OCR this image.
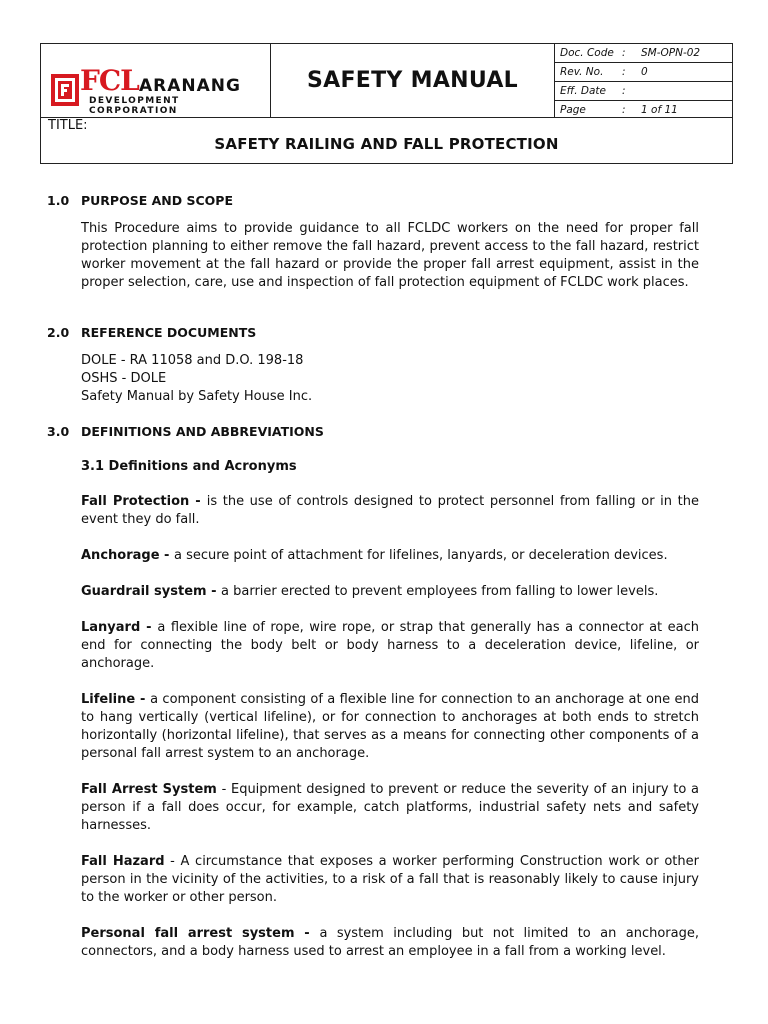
FCL ARANANG
DEVELOPMENT CORPORATION
SAFETY MANUAL
Doc. Code : SM-OPN-02
Rev. No. : 0
Eff. Date :
Page	: 1 of 11
TITLE:
SAFETY RAILING AND FALL PROTECTION
1.0 PURPOSE AND SCOPE
This Procedure aims to provide guidance to all FCLDC workers on the need for proper fall protection planning to either remove the fall hazard, prevent access to the fall hazard, restrict worker movement at the fall hazard or provide the proper fall arrest equipment, assist in the proper selection, care, use and inspection of fall protection equipment of FCLDC work places.
2.0 REFERENCE DOCUMENTS
DOLE - RA 11058 and D.O. 198-18
OSHS - DOLE
Safety Manual by Safety House Inc.
3.0 DEFINITIONS AND ABBREVIATIONS
3.1 Definitions and Acronyms
Fall Protection - is the use of controls designed to protect personnel from falling or in the event they do fall.
Anchorage - a secure point of attachment for lifelines, lanyards, or deceleration devices.
Guardrail system - a barrier erected to prevent employees from falling to lower levels.
Lanyard - a flexible line of rope, wire rope, or strap that generally has a connector at each end for connecting the body belt or body harness to a deceleration device, lifeline, or anchorage.
Lifeline - a component consisting of a flexible line for connection to an anchorage at one end to hang vertically (vertical lifeline), or for connection to anchorages at both ends to stretch horizontally (horizontal lifeline), that serves as a means for connecting other components of a personal fall arrest system to an anchorage.
Fall Arrest System - Equipment designed to prevent or reduce the severity of an injury to a person if a fall does occur, for example, catch platforms, industrial safety nets and safety harnesses.
Fall Hazard - A circumstance that exposes a worker performing Construction work or other person in the vicinity of the activities, to a risk of a fall that is reasonably likely to cause injury to the worker or other person.
Personal fall arrest system - a system including but not limited to an anchorage, connectors, and a body harness used to arrest an employee in a fall from a working level.
